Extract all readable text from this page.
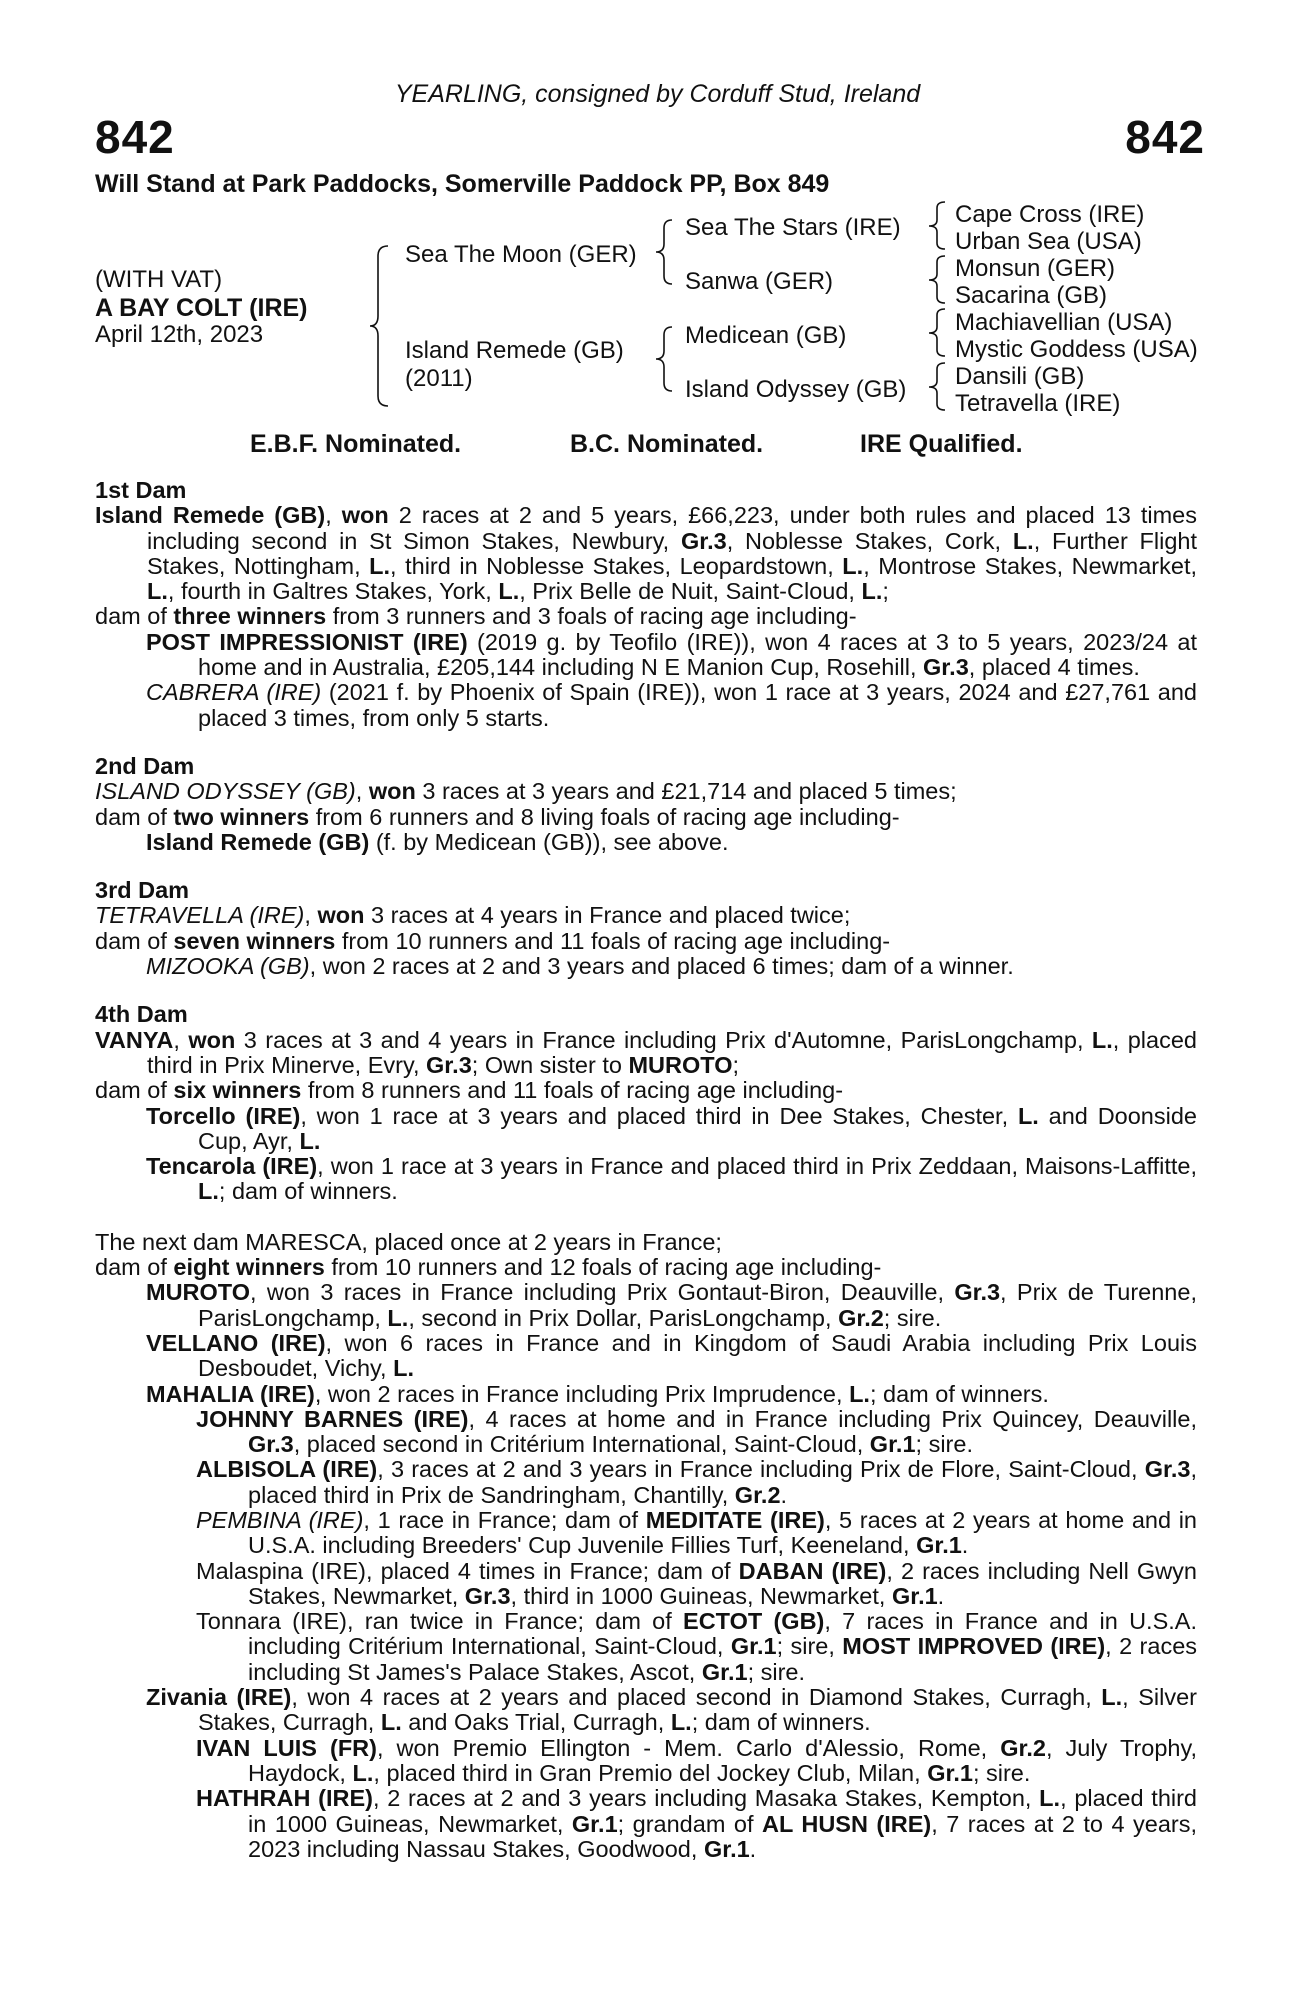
YEARLING, consigned by Corduff Stud, Ireland
842	842
Will Stand at Park Paddocks, Somerville Paddock PP, Box 849
(WITH VAT)
A BAY COLT (IRE)
April 12th, 2023
Sea The Moon (GER)
Island Remede (GB)
(2011)
Sea The Stars (IRE)
Sanwa (GER)
Medicean (GB)
Island Odyssey (GB)
Cape Cross (IRE)
Urban Sea (USA)
Monsun (GER)
Sacarina (GB)
Machiavellian (USA)
Mystic Goddess (USA)
Dansili (GB)
Tetravella (IRE)
E.B.F. Nominated.	B.C. Nominated.	IRE Qualified.

1st Dam

Island Remede (GB), won 2 races at 2 and 5 years, £66,223, under both rules and placed 13 times including second in St Simon Stakes, Newbury, Gr.3, Noblesse Stakes, Cork, L., Further Flight Stakes, Nottingham, L., third in Noblesse Stakes, Leopardstown, L., Montrose Stakes, Newmarket, L., fourth in Galtres Stakes, York, L., Prix Belle de Nuit, Saint-Cloud, L.;

dam of three winners from 3 runners and 3 foals of racing age including-

POST IMPRESSIONIST (IRE) (2019 g. by Teofilo (IRE)), won 4 races at 3 to 5 years, 2023/24 at home and in Australia, £205,144 including N E Manion Cup, Rosehill, Gr.3, placed 4 times.

CABRERA (IRE) (2021 f. by Phoenix of Spain (IRE)), won 1 race at 3 years, 2024 and £27,761 and placed 3 times, from only 5 starts.

2nd Dam

ISLAND ODYSSEY (GB), won 3 races at 3 years and £21,714 and placed 5 times;

dam of two winners from 6 runners and 8 living foals of racing age including-

Island Remede (GB) (f. by Medicean (GB)), see above.

3rd Dam

TETRAVELLA (IRE), won 3 races at 4 years in France and placed twice;

dam of seven winners from 10 runners and 11 foals of racing age including-

MIZOOKA (GB), won 2 races at 2 and 3 years and placed 6 times; dam of a winner.

4th Dam

VANYA, won 3 races at 3 and 4 years in France including Prix d'Automne, ParisLongchamp, L., placed third in Prix Minerve, Evry, Gr.3; Own sister to MUROTO;

dam of six winners from 8 runners and 11 foals of racing age including-

Torcello (IRE), won 1 race at 3 years and placed third in Dee Stakes, Chester, L. and Doonside Cup, Ayr, L.

Tencarola (IRE), won 1 race at 3 years in France and placed third in Prix Zeddaan, Maisons-Laffitte, L.; dam of winners.

The next dam MARESCA, placed once at 2 years in France;

dam of eight winners from 10 runners and 12 foals of racing age including-

MUROTO, won 3 races in France including Prix Gontaut-Biron, Deauville, Gr.3, Prix de Turenne, ParisLongchamp, L., second in Prix Dollar, ParisLongchamp, Gr.2; sire.

VELLANO (IRE), won 6 races in France and in Kingdom of Saudi Arabia including Prix Louis Desboudet, Vichy, L.

MAHALIA (IRE), won 2 races in France including Prix Imprudence, L.; dam of winners.

JOHNNY BARNES (IRE), 4 races at home and in France including Prix Quincey, Deauville, Gr.3, placed second in Critérium International, Saint-Cloud, Gr.1; sire.

ALBISOLA (IRE), 3 races at 2 and 3 years in France including Prix de Flore, Saint-Cloud, Gr.3, placed third in Prix de Sandringham, Chantilly, Gr.2.

PEMBINA (IRE), 1 race in France; dam of MEDITATE (IRE), 5 races at 2 years at home and in U.S.A. including Breeders' Cup Juvenile Fillies Turf, Keeneland, Gr.1.

Malaspina (IRE), placed 4 times in France; dam of DABAN (IRE), 2 races including Nell Gwyn Stakes, Newmarket, Gr.3, third in 1000 Guineas, Newmarket, Gr.1.

Tonnara (IRE), ran twice in France; dam of ECTOT (GB), 7 races in France and in U.S.A. including Critérium International, Saint-Cloud, Gr.1; sire, MOST IMPROVED (IRE), 2 races including St James's Palace Stakes, Ascot, Gr.1; sire.

Zivania (IRE), won 4 races at 2 years and placed second in Diamond Stakes, Curragh, L., Silver Stakes, Curragh, L. and Oaks Trial, Curragh, L.; dam of winners.

IVAN LUIS (FR), won Premio Ellington - Mem. Carlo d'Alessio, Rome, Gr.2, July Trophy, Haydock, L., placed third in Gran Premio del Jockey Club, Milan, Gr.1; sire.

HATHRAH (IRE), 2 races at 2 and 3 years including Masaka Stakes, Kempton, L., placed third in 1000 Guineas, Newmarket, Gr.1; grandam of AL HUSN (IRE), 7 races at 2 to 4 years, 2023 including Nassau Stakes, Goodwood, Gr.1.
